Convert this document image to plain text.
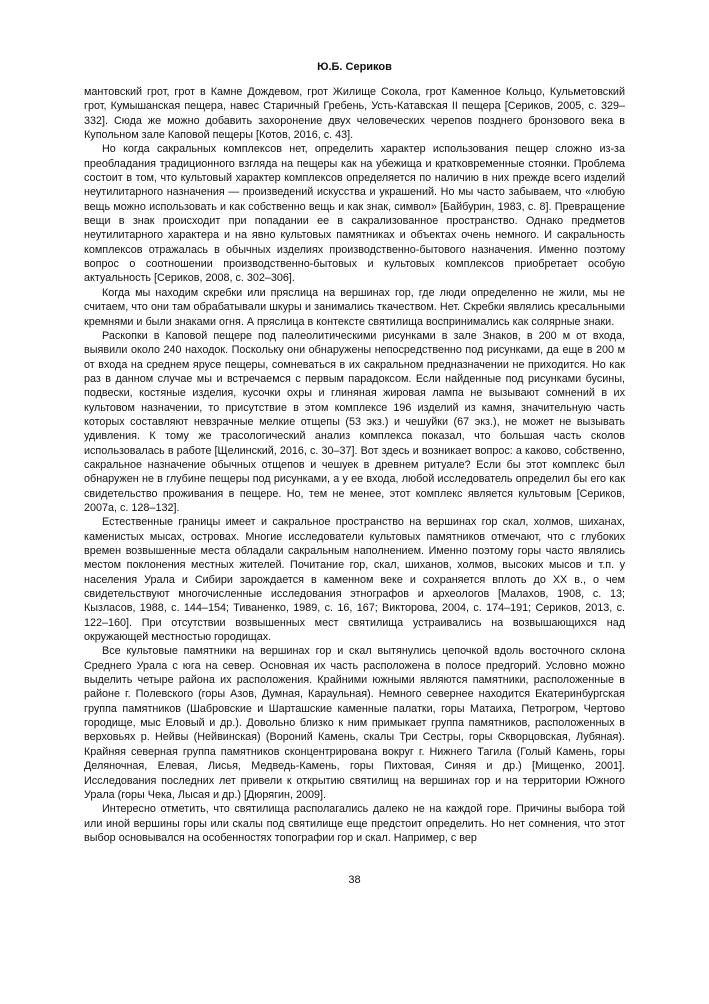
Ю.Б. Сериков

мантовский грот, грот в Камне Дождевом, грот Жилище Сокола, грот Каменное Кольцо, Кульметовский грот, Кумышанская пещера, навес Старичный Гребень, Усть-Катавская II пещера [Сериков, 2005, с. 329–332]. Сюда же можно добавить захоронение двух человеческих черепов позднего бронзового века в Купольном зале Каповой пещеры [Котов, 2016, с. 43].

Но когда сакральных комплексов нет, определить характер использования пещер сложно из-за преобладания традиционного взгляда на пещеры как на убежища и кратковременные стоянки. Проблема состоит в том, что культовый характер комплексов определяется по наличию в них прежде всего изделий неутилитарного назначения — произведений искусства и украшений. Но мы часто забываем, что «любую вещь можно использовать и как собственно вещь и как знак, символ» [Байбурин, 1983, с. 8]. Превращение вещи в знак происходит при попадании ее в сакрализованное пространство. Однако предметов неутилитарного характера и на явно культовых памятниках и объектах очень немного. И сакральность комплексов отражалась в обычных изделиях производственно-бытового назначения. Именно поэтому вопрос о соотношении производственно-бытовых и культовых комплексов приобретает особую актуальность [Сериков, 2008, с. 302–306].

Когда мы находим скребки или пряслица на вершинах гор, где люди определенно не жили, мы не считаем, что они там обрабатывали шкуры и занимались ткачеством. Нет. Скребки являлись кресальными кремнями и были знаками огня. А пряслица в контексте святилища воспринимались как солярные знаки.

Раскопки в Каповой пещере под палеолитическими рисунками в зале Знаков, в 200 м от входа, выявили около 240 находок. Поскольку они обнаружены непосредственно под рисунками, да еще в 200 м от входа на среднем ярусе пещеры, сомневаться в их сакральном предназначении не приходится. Но как раз в данном случае мы и встречаемся с первым парадоксом. Если найденные под рисунками бусины, подвески, костяные изделия, кусочки охры и глиняная жировая лампа не вызывают сомнений в их культовом назначении, то присутствие в этом комплексе 196 изделий из камня, значительную часть которых составляют невзрачные мелкие отщепы (53 экз.) и чешуйки (67 экз.), не может не вызывать удивления. К тому же трасологический анализ комплекса показал, что большая часть сколов использовалась в работе [Щелинский, 2016, с. 30–37]. Вот здесь и возникает вопрос: а каково, собственно, сакральное назначение обычных отщепов и чешуек в древнем ритуале? Если бы этот комплекс был обнаружен не в глубине пещеры под рисунками, а у ее входа, любой исследователь определил бы его как свидетельство проживания в пещере. Но, тем не менее, этот комплекс является культовым [Сериков, 2007а, с. 128–132].

Естественные границы имеет и сакральное пространство на вершинах гор скал, холмов, шиханах, каменистых мысах, островах. Многие исследователи культовых памятников отмечают, что с глубоких времен возвышенные места обладали сакральным наполнением. Именно поэтому горы часто являлись местом поклонения местных жителей. Почитание гор, скал, шиханов, холмов, высоких мысов и т.п. у населения Урала и Сибири зарождается в каменном веке и сохраняется вплоть до XX в., о чем свидетельствуют многочисленные исследования этнографов и археологов [Малахов, 1908, с. 13; Кызласов, 1988, с. 144–154; Тиваненко, 1989, с. 16, 167; Викторова, 2004, с. 174–191; Сериков, 2013, с. 122–160]. При отсутствии возвышенных мест святилища устраивались на возвышающихся над окружающей местностью городищах.

Все культовые памятники на вершинах гор и скал вытянулись цепочкой вдоль восточного склона Среднего Урала с юга на север. Основная их часть расположена в полосе предгорий. Условно можно выделить четыре района их расположения. Крайними южными являются памятники, расположенные в районе г. Полевского (горы Азов, Думная, Караульная). Немного севернее находится Екатеринбургская группа памятников (Шабровские и Шарташские каменные палатки, горы Матаиха, Петрогром, Чертово городище, мыс Еловый и др.). Довольно близко к ним примыкает группа памятников, расположенных в верховьях р. Нейвы (Нейвинская) (Вороний Камень, скалы Три Сестры, горы Скворцовская, Лубяная). Крайняя северная группа памятников сконцентрирована вокруг г. Нижнего Тагила (Голый Камень, горы Деляночная, Елевая, Лисья, Медведь-Камень, горы Пихтовая, Синяя и др.) [Мищенко, 2001]. Исследования последних лет привели к открытию святилищ на вершинах гор и на территории Южного Урала (горы Чека, Лысая и др.) [Дюрягин, 2009].

Интересно отметить, что святилища располагались далеко не на каждой горе. Причины выбора той или иной вершины горы или скалы под святилище еще предстоит определить. Но нет сомнения, что этот выбор основывался на особенностях топографии гор и скал. Например, с вер

38
